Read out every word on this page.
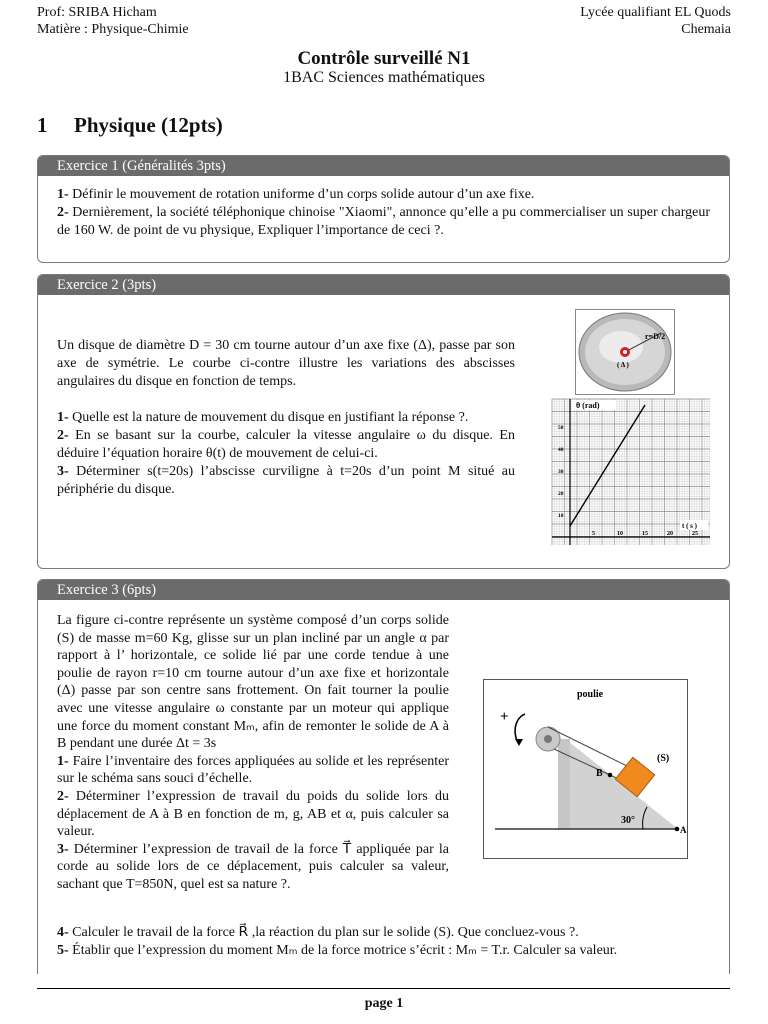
Prof: SRIBA Hicham
Matière : Physique-Chimie
Lycée qualifiant EL Quods
Chemaia
Contrôle surveillé N1
1BAC Sciences mathématiques
1 Physique (12pts)
Exercice 1 (Généralités 3pts)

1- Définir le mouvement de rotation uniforme d’un corps solide autour d’un axe fixe.

2- Dernièrement, la société téléphonique chinoise "Xiaomi", annonce qu’elle a pu commercialiser un super chargeur de 160 W. de point de vu physique, Expliquer l’importance de ceci ?.

Exercice 2 (3pts)

Un disque de diamètre D = 30 cm tourne autour d’un axe fixe (Δ), passe par son axe de symétrie. Le courbe ci-contre illustre les variations des abscisses angulaires du disque en fonction de temps.

1- Quelle est la nature de mouvement du disque en justifiant la réponse ?.

2- En se basant sur la courbe, calculer la vitesse angulaire ω du disque. En déduire l’équation horaire θ(t) de mouvement de celui-ci.

3- Déterminer s(t=20s) l’abscisse curviligne à t=20s d’un point M situé au périphérie du disque.

r=D/2
( Δ )
5	10	15	20	25
10
20
30
40
50
θ (rad)
t ( s )
Exercice 3 (6pts)

La figure ci-contre représente un système composé d’un corps solide (S) de masse m=60 Kg, glisse sur un plan incliné par un angle α par rapport à l’ horizontale, ce solide lié par une corde tendue à une poulie de rayon r=10 cm tourne autour d’un axe fixe et horizontale (Δ) passe par son centre sans frottement. On fait tourner la poulie avec une vitesse angulaire ω constante par un moteur qui applique une force du moment constant Mₘ, afin de remonter le solide de A à B pendant une durée Δt = 3s

1- Faire l’inventaire des forces appliquées au solide et les représenter sur le schéma sans souci d’échelle.

2- Déterminer l’expression de travail du poids du solide lors du déplacement de A à B en fonction de m, g, AB et α, puis calculer sa valeur.

3- Déterminer l’expression de travail de la force T⃗ appliquée par la corde au solide lors de ce déplacement, puis calculer sa valeur, sachant que T=850N, quel est sa nature ?.

4- Calculer le travail de la force R⃗ ,la réaction du plan sur le solide (S). Que concluez-vous ?.

5- Établir que l’expression du moment Mₘ de la force motrice s’écrit : Mₘ = T.r. Calculer sa valeur.

poulie
(S)
B
A
30°
+
page 1
